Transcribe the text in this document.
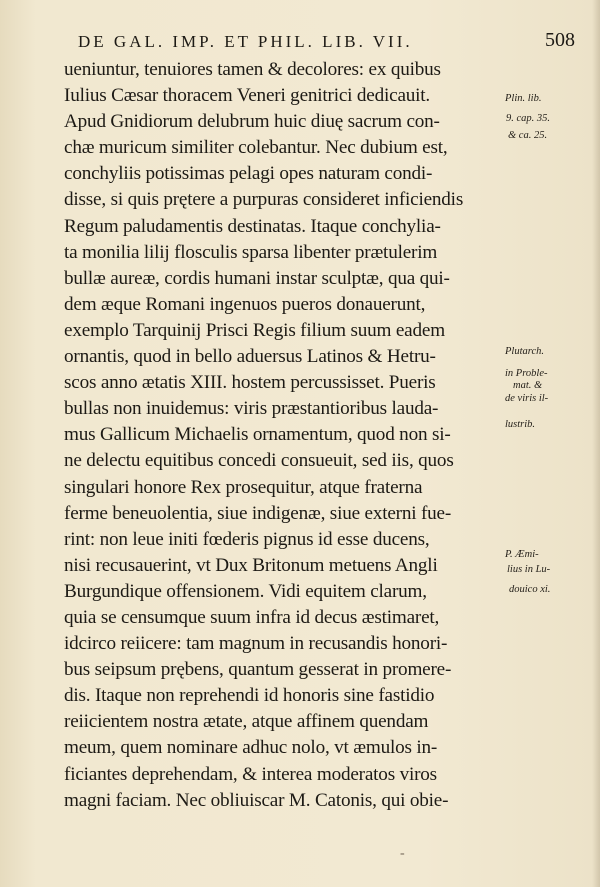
DE GAL. IMP. ET PHIL. LIB. VII.	508
ueniuntur, tenuiores tamen & decolores: ex quibus
Iulius Cæsar thoracem Veneri genitrici dedicauit.
Apud Gnidiorum delubrum huic diuę sacrum con-
chæ muricum similiter colebantur. Nec dubium est,
conchyliis potissimas pelagi opes naturam condi-
disse, si quis prętere a purpuras consideret inficiendis
Regum paludamentis destinatas. Itaque conchylia-
ta monilia lilij flosculis sparsa libenter prætulerim
bullæ aureæ, cordis humani instar sculptæ, qua qui-
dem æque Romani ingenuos pueros donauerunt,
exemplo Tarquinij Prisci Regis filium suum eadem
ornantis, quod in bello aduersus Latinos & Hetru-
scos anno ætatis XIII. hostem percussisset. Pueris
bullas non inuidemus: viris præstantioribus lauda-
mus Gallicum Michaelis ornamentum, quod non si-
ne delectu equitibus concedi consueuit, sed iis, quos
singulari honore Rex prosequitur, atque fraterna
ferme beneuolentia, siue indigenæ, siue externi fue-
rint: non leue initi fœderis pignus id esse ducens,
nisi recusauerint, vt Dux Britonum metuens Angli
Burgundique offensionem. Vidi equitem clarum,
quia se censumque suum infra id decus æstimaret,
idcirco reiicere: tam magnum in recusandis honori-
bus seipsum prębens, quantum gesserat in promere-
dis. Itaque non reprehendi id honoris sine fastidio
reiicientem nostra ætate, atque affinem quendam
meum, quem nominare adhuc nolo, vt æmulos in-
ficiantes deprehendam, & interea moderatos viros
magni faciam. Nec obliuiscar M. Catonis, qui obie-
Plin. lib.
9. cap. 35.
& ca. 25.
Plutarch.
in Proble-
mat. &
de viris il-
lustrib.
P. Æmi-
lius in Lu-
douico xi.
-
